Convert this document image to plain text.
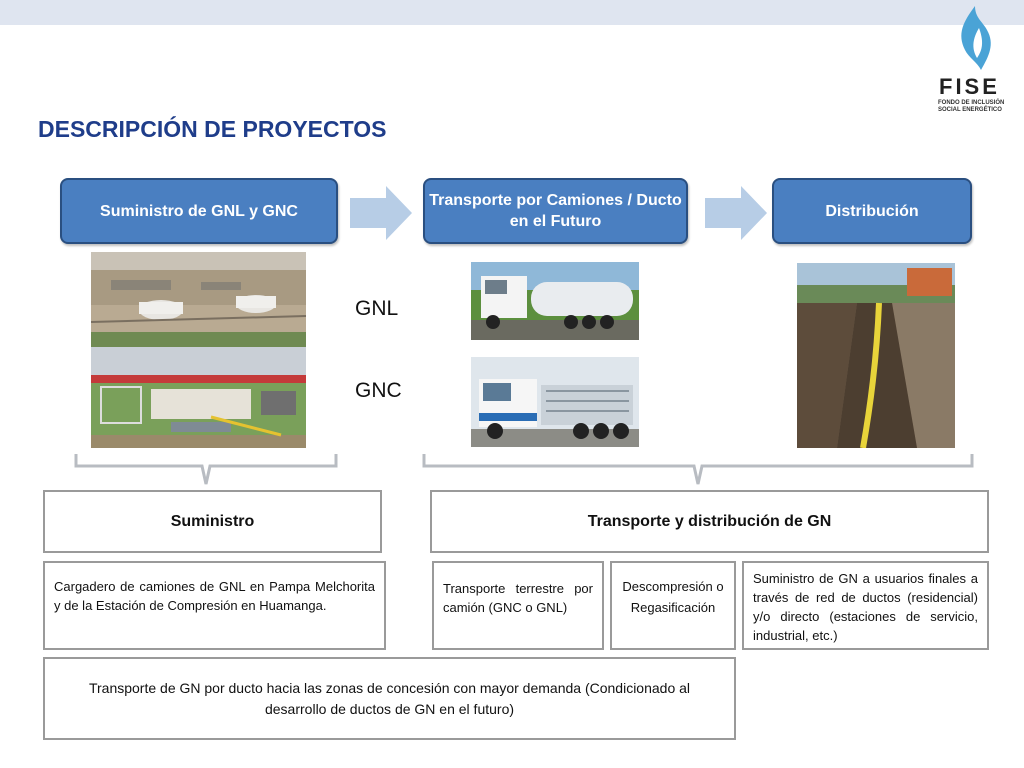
FISE
FONDO DE INCLUSIÓN
SOCIAL ENERGÉTICO
DESCRIPCIÓN DE PROYECTOS
Suministro de GNL y GNC
Transporte por Camiones / Ducto en el Futuro
Distribución
GNL
GNC
Suministro	Transporte y distribución de GN
Cargadero de camiones de GNL en Pampa Melchorita y de la Estación de Compresión en Huamanga.
Transporte terrestre por camión (GNC o GNL)
Descompresión o
Regasificación
Suministro de GN a usuarios finales a través de red de ductos (residencial) y/o directo (estaciones de servicio, industrial, etc.)
Transporte de GN por ducto hacia las zonas de concesión con mayor demanda (Condicionado al desarrollo de ductos de GN en el futuro)
